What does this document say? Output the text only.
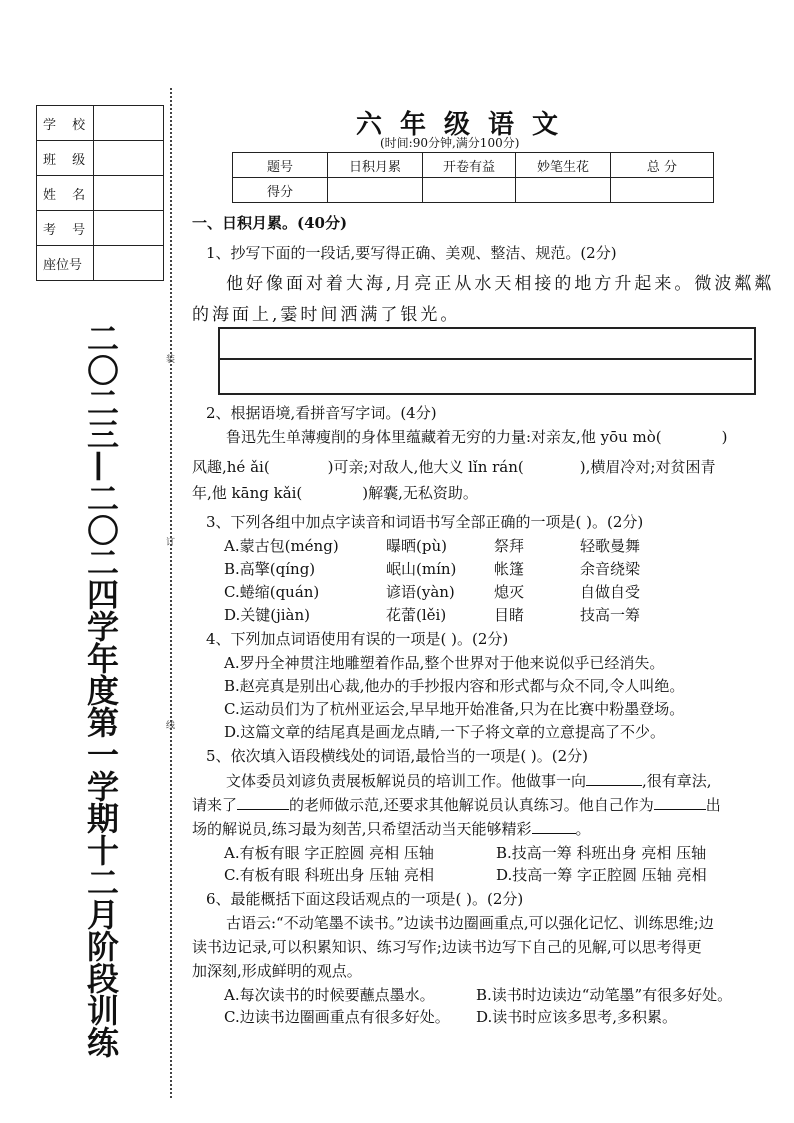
学 校	
班 级	
姓 名	
考 号	
座位号	
二〇二三—二〇二四学年度第一学期十二月阶段训练	装
订
线
六年级语文
(时间:90分钟,满分100分)
题号	日积月累	开卷有益	妙笔生花	总 分
得分				
一、日积月累。(40分)
1、抄写下面的一段话,要写得正确、美观、整洁、规范。(2分)
他好像面对着大海,月亮正从水天相接的地方升起来。微波粼粼
的海面上,霎时间洒满了银光。
2、根据语境,看拼音写字词。(4分)
鲁迅先生单薄瘦削的身体里蕴藏着无穷的力量:对亲友,他 yōu mò(	)
风趣,hé ǎi(	)可亲;对敌人,他大义 lǐn rán(	),横眉冷对;对贫困青
年,他 kāng kǎi(	)解囊,无私资助。
3、下列各组中加点字读音和词语书写全部正确的一项是( )。(2分)
A.蒙古包(méng)	曝晒(pù)	祭拜	轻歌曼舞
B.高擎(qíng)	岷山(mín)	帐篷	余音绕梁
C.蜷缩(quán)	谚语(yàn)	熄灭	自做自受
D.关键(jiàn)	花蕾(lěi)	目睹	技高一筹
4、下列加点词语使用有误的一项是( )。(2分)
A.罗丹全神贯注地雕塑着作品,整个世界对于他来说似乎已经消失。
B.赵亮真是别出心裁,他办的手抄报内容和形式都与众不同,令人叫绝。
C.运动员们为了杭州亚运会,早早地开始准备,只为在比赛中粉墨登场。
D.这篇文章的结尾真是画龙点睛,一下子将文章的立意提高了不少。
5、依次填入语段横线处的词语,最恰当的一项是( )。(2分)
文体委员刘谚负责展板解说员的培训工作。他做事一向	,很有章法,
请来了	的老师做示范,还要求其他解说员认真练习。他自己作为	出
场的解说员,练习最为刻苦,只希望活动当天能够精彩	。
A.有板有眼 字正腔圆 亮相 压轴	B.技高一筹 科班出身 亮相 压轴
C.有板有眼 科班出身 压轴 亮相	D.技高一筹 字正腔圆 压轴 亮相
6、最能概括下面这段话观点的一项是( )。(2分)
古语云:“不动笔墨不读书。”边读书边圈画重点,可以强化记忆、训练思维;边
读书边记录,可以积累知识、练习写作;边读书边写下自己的见解,可以思考得更
加深刻,形成鲜明的观点。
A.每次读书的时候要蘸点墨水。	B.读书时边读边“动笔墨”有很多好处。
C.边读书边圈画重点有很多好处。 D.读书时应该多思考,多积累。
